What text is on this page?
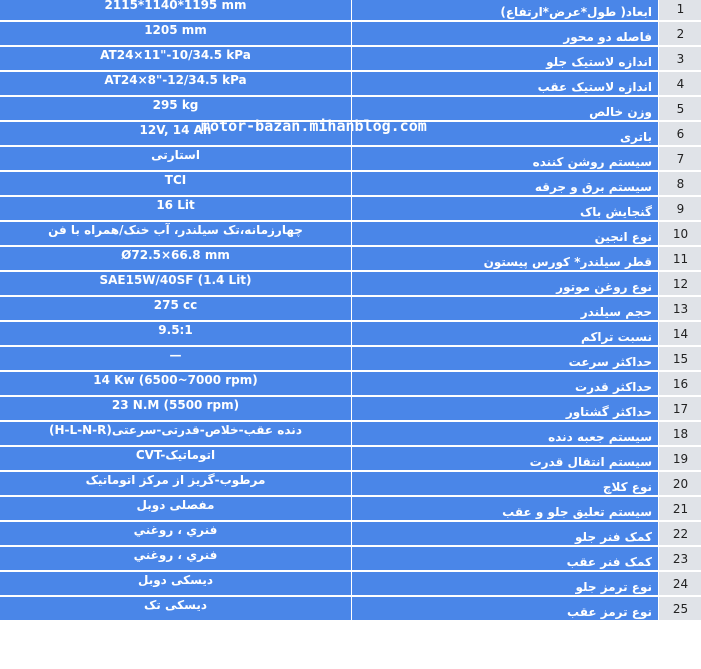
2115*1140*1195 mm	ابعاد( طول*عرض*ارتفاع)	1
1205 mm	فاصله دو محور	2
AT24×11"-10/34.5 kPa	اندازه لاستیک جلو	3
AT24×8"-12/34.5 kPa	اندازه لاستیک عقب	4
295 kg	وزن خالص	5
12V, 14 Ah	باتری	6
استارتی	سیستم روشن کننده	7
TCI	سیستم برق و جرقه	8
16 Lit	گنجایش باک	9
چهارزمانه،تک سیلندر، آب خنک/همراه با فن	نوع انجین	10
Ø72.5×66.8 mm	قطر سیلندر* کورس پیستون	11
SAE15W/40SF (1.4 Lit)	نوع روغن موتور	12
275 cc	حجم سیلندر	13
9.5:1	نسبت تراکم	14
—	حداکثر سرعت	15
14 Kw (6500~7000 rpm)	حداکثر قدرت	16
23 N.M (5500 rpm)	حداکثر گشتاور	17
(H-L-N-R)دنده عقب-خلاص-قدرتی-سرعتی	سیستم جعبه دنده	18
CVT-اتوماتیک	سیستم انتقال قدرت	19
مرطوب-گریز از مرکز اتوماتیک	نوع کلاچ	20
مفصلی دوبل	سیستم تعلیق جلو و عقب	21
فنري ، روغني	کمک فنر جلو	22
فنري ، روغني	کمک فنر عقب	23
دیسکی دوبل	نوع ترمز جلو	24
دیسکی تک	نوع ترمز عقب	25
motor-bazan.mihanblog.com
